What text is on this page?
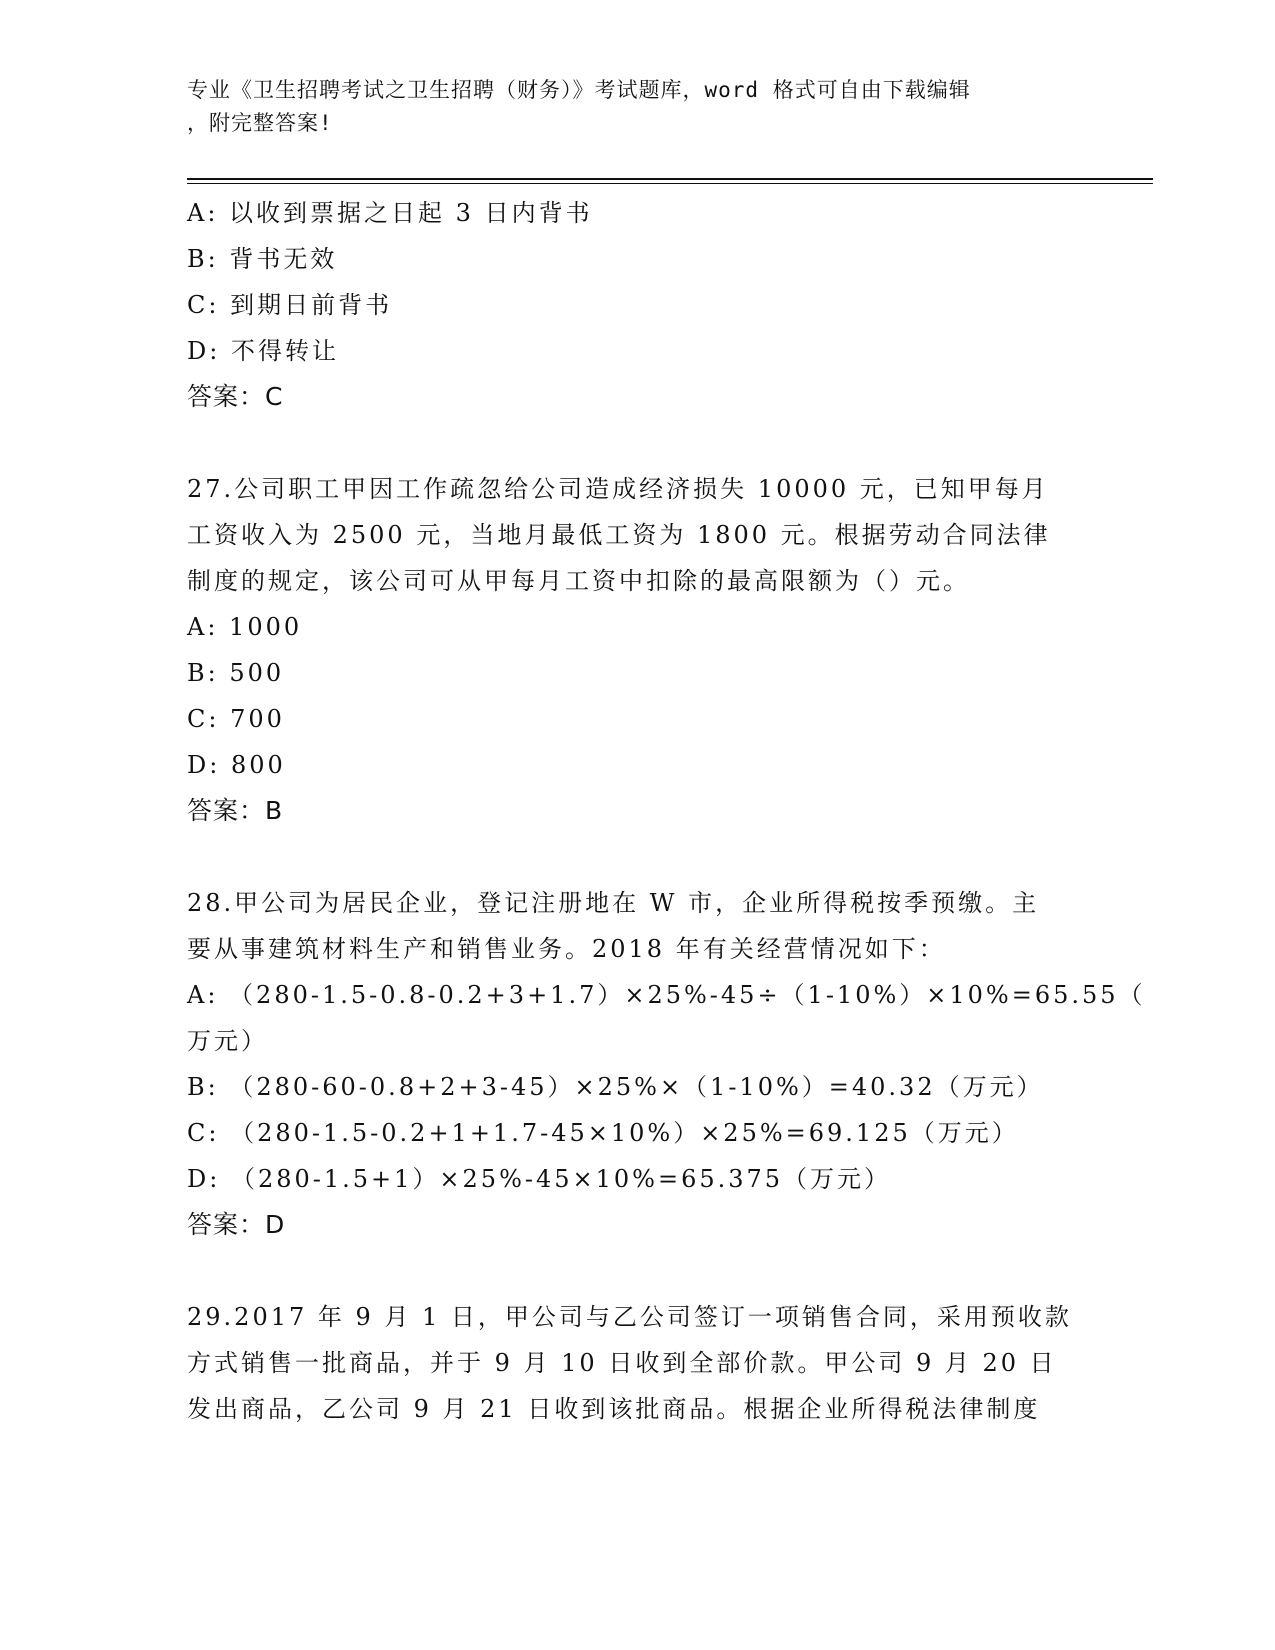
专业《卫生招聘考试之卫生招聘（财务）》考试题库，word 格式可自由下载编辑
，附完整答案!
A: 以收到票据之日起 3 日内背书
B: 背书无效
C: 到期日前背书
D: 不得转让
答案：C
27.公司职工甲因工作疏忽给公司造成经济损失 10000 元，已知甲每月
工资收入为 2500 元，当地月最低工资为 1800 元。根据劳动合同法律
制度的规定，该公司可从甲每月工资中扣除的最高限额为（）元。
A: 1000
B: 500
C: 700
D: 800
答案：B
28.甲公司为居民企业，登记注册地在 W 市，企业所得税按季预缴。主
要从事建筑材料生产和销售业务。2018 年有关经营情况如下：
A: （280-1.5-0.8-0.2+3+1.7）×25%-45÷（1-10%）×10%=65.55（
万元）
B: （280-60-0.8+2+3-45）×25%×（1-10%）=40.32（万元）
C: （280-1.5-0.2+1+1.7-45×10%）×25%=69.125（万元）
D: （280-1.5+1）×25%-45×10%=65.375（万元）
答案：D
29.2017 年 9 月 1 日，甲公司与乙公司签订一项销售合同，采用预收款
方式销售一批商品，并于 9 月 10 日收到全部价款。甲公司 9 月 20 日
发出商品，乙公司 9 月 21 日收到该批商品。根据企业所得税法律制度
